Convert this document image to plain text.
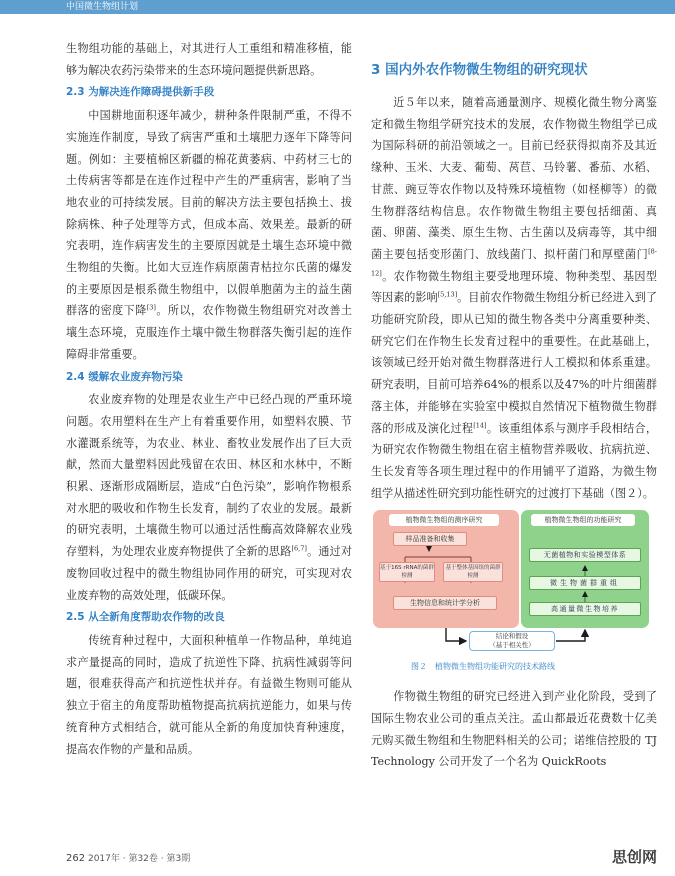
中国微生物组计划

生物组功能的基础上，对其进行人工重组和精准移植，能够为解决农药污染带来的生态环境问题提供新思路。

2.3 为解决连作障碍提供新手段

中国耕地面积逐年减少，耕种条件限制严重，不得不实施连作制度，导致了病害严重和土壤肥力逐年下降等问题。例如：主要植棉区新疆的棉花黄萎病、中药材三七的土传病害等都是在连作过程中产生的严重病害，影响了当地农业的可持续发展。目前的解决方法主要包括换土、拔除病株、种子处理等方式，但成本高、效果差。最新的研究表明，连作病害发生的主要原因就是土壤生态环境中微生物组的失衡。比如大豆连作病原菌青枯拉尔氏菌的爆发的主要原因是根系微生物组中，以假单胞菌为主的益生菌群落的密度下降[3]。所以，农作物微生物组研究对改善土壤生态环境，克服连作土壤中微生物群落失衡引起的连作障碍非常重要。

2.4 缓解农业废弃物污染

农业废弃物的处理是农业生产中已经凸现的严重环境问题。农用塑料在生产上有着重要作用，如塑料农膜、节水灌溉系统等，为农业、林业、畜牧业发展作出了巨大贡献，然而大量塑料因此残留在农田、林区和水林中，不断积累、逐渐形成隔断层，造成“白色污染”，影响作物根系对水肥的吸收和作物生长发育，制约了农业的发展。最新的研究表明，土壤微生物可以通过活性酶高效降解农业残存塑料，为处理农业废弃物提供了全新的思路[6,7]。通过对废物回收过程中的微生物组协同作用的研究，可实现对农业废弃物的高效处理，低碳环保。

2.5 从全新角度帮助农作物的改良

传统育种过程中，大面积种植单一作物品种，单纯追求产量提高的同时，造成了抗逆性下降、抗病性减弱等问题，很难获得高产和抗逆性状并存。有益微生物则可能从独立于宿主的角度帮助植物提高抗病抗逆能力，如果与传统育种方式相结合，就可能从全新的角度加快育种速度，提高农作物的产量和品质。

3 国内外农作物微生物组的研究现状

近５年以来，随着高通量测序、规模化微生物分离鉴定和微生物组学研究技术的发展，农作物微生物组学已成为国际科研的前沿领域之一。目前已经获得拟南芥及其近缘种、玉米、大麦、葡萄、莴苣、马铃薯、番茄、水稻、甘蔗、豌豆等农作物以及特殊环境植物（如柽柳等）的微生物群落结构信息。农作物微生物组主要包括细菌、真菌、卵菌、藻类、原生生物、古生菌以及病毒等，其中细菌主要包括变形菌门、放线菌门、拟杆菌门和厚壁菌门[8-12]。农作物微生物组主要受地理环境、物种类型、基因型等因素的影响[5,13]。目前农作物微生物组分析已经进入到了功能研究阶段，即从已知的微生物各类中分离重要种类、研究它们在作物生长发育过程中的重要性。在此基础上，该领域已经开始对微生物群落进行人工模拟和体系重建。研究表明，目前可培养64%的根系以及47%的叶片细菌群落主体，并能够在实验室中模拟自然情况下植物微生物群落的形成及演化过程[14]。该重组体系与测序手段相结合，为研究农作物微生物组在宿主植物营养吸收、抗病抗逆、生长发育等各项生理过程中的作用铺平了道路，为微生物组学从描述性研究到功能性研究的过渡打下基础（图２）。

植物微生物组的测序研究
样品准备和收集
基于16S rRNA的菌群检测
基于整体基因组的菌群检测
生物信息和统计学分析
植物微生物组的功能研究
无菌植物和实验模型体系
微生物菌群重组
高通量微生物培养
结论和假设
（基于相关性）
图２　植物微生物组功能研究的技术路线

作物微生物组的研究已经进入到产业化阶段，受到了国际生物农业公司的重点关注。孟山都最近花费数十亿美元购买微生物组和生物肥料相关的公司；诺维信控股的 TJ Technology 公司开发了一个名为 QuickRoots

262 2017年 · 第32卷 · 第3期	思创网
